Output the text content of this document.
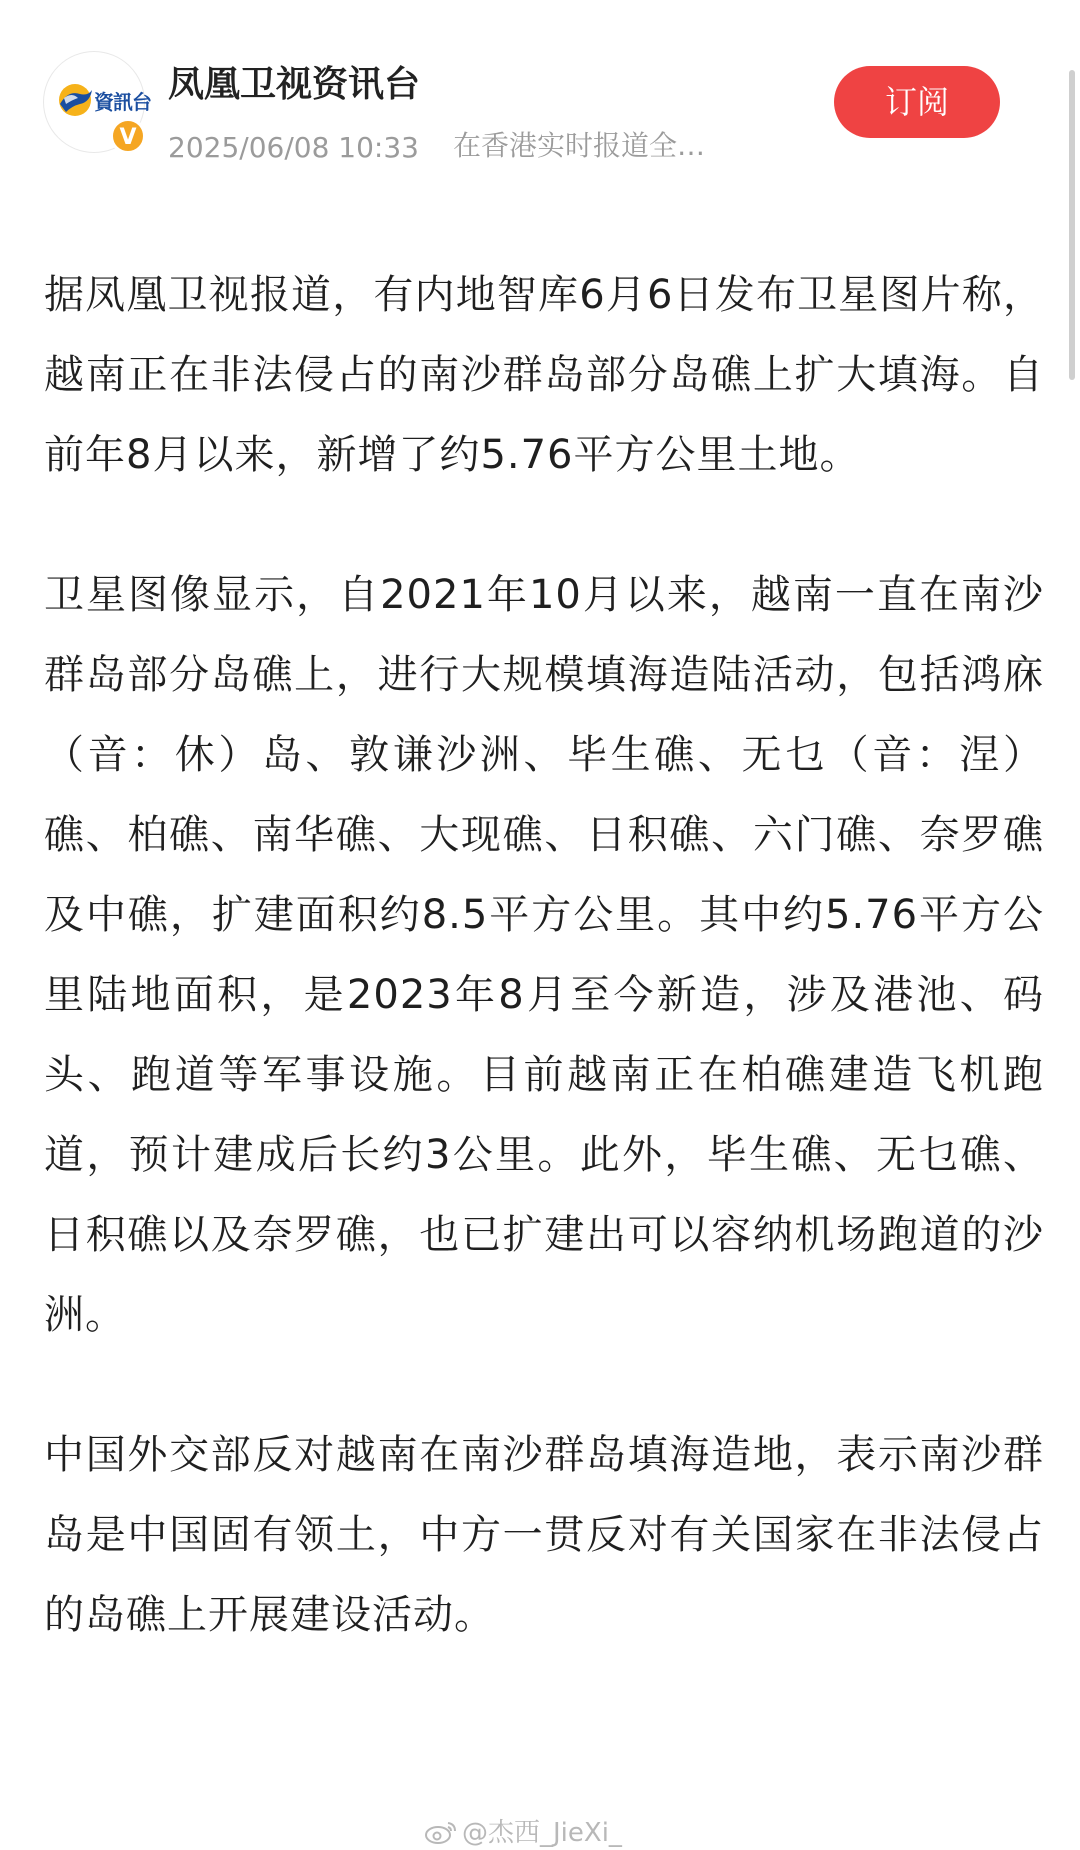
資訊台
V
凤凰卫视资讯台
2025/06/08 10:33 在香港实时报道全…
订阅

据凤凰卫视报道，有内地智库6月6日发布卫星图片称，越南正在非法侵占的南沙群岛部分岛礁上扩大填海。自前年8月以来，新增了约5.76平方公里土地。

卫星图像显示，自2021年10月以来，越南一直在南沙群岛部分岛礁上，进行大规模填海造陆活动，包括鸿庥（音：休）岛、敦谦沙洲、毕生礁、无乜（音：涅）礁、柏礁、南华礁、大现礁、日积礁、六门礁、奈罗礁及中礁，扩建面积约8.5平方公里。其中约5.76平方公里陆地面积，是2023年8月至今新造，涉及港池、码头、跑道等军事设施。目前越南正在柏礁建造飞机跑道，预计建成后长约3公里。此外，毕生礁、无乜礁、日积礁以及奈罗礁，也已扩建出可以容纳机场跑道的沙洲。

中国外交部反对越南在南沙群岛填海造地，表示南沙群岛是中国固有领土，中方一贯反对有关国家在非法侵占的岛礁上开展建设活动。

@杰西_JieXi_
